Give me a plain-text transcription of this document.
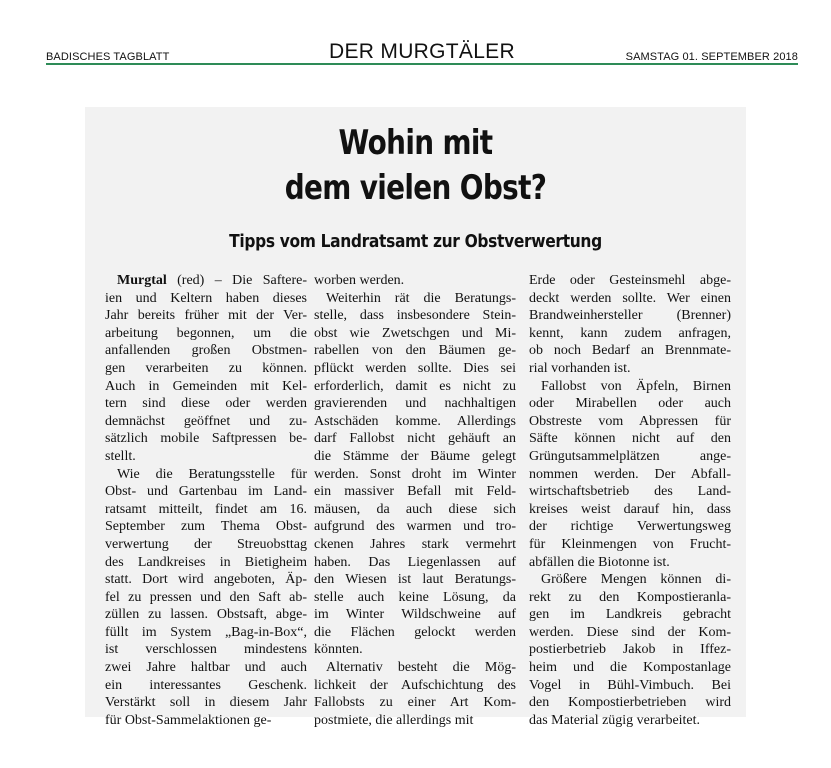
BADISCHES TAGBLATT	DER MURGTÄLER	SAMSTAG 01. SEPTEMBER 2018
Wohin mit
dem vielen Obst?
Tipps vom Landratsamt zur Obstverwertung
Murgtal (red) – Die Saftere-
ien und Keltern haben dieses
Jahr bereits früher mit der Ver-
arbeitung begonnen, um die
anfallenden großen Obstmen-
gen verarbeiten zu können.
Auch in Gemeinden mit Kel-
tern sind diese oder werden
demnächst geöffnet und zu-
sätzlich mobile Saftpressen be-
stellt.
Wie die Beratungsstelle für
Obst- und Gartenbau im Land-
ratsamt mitteilt, findet am 16.
September zum Thema Obst-
verwertung der Streuobsttag
des Landkreises in Bietigheim
statt. Dort wird angeboten, Äp-
fel zu pressen und den Saft ab-
züllen zu lassen. Obstsaft, abge-
füllt im System „Bag-in-Box“,
ist verschlossen mindestens
zwei Jahre haltbar und auch
ein interessantes Geschenk.
Verstärkt soll in diesem Jahr
für Obst-Sammelaktionen ge-
worben werden.
Weiterhin rät die Beratungs-
stelle, dass insbesondere Stein-
obst wie Zwetschgen und Mi-
rabellen von den Bäumen ge-
pflückt werden sollte. Dies sei
erforderlich, damit es nicht zu
gravierenden und nachhaltigen
Astschäden komme. Allerdings
darf Fallobst nicht gehäuft an
die Stämme der Bäume gelegt
werden. Sonst droht im Winter
ein massiver Befall mit Feld-
mäusen, da auch diese sich
aufgrund des warmen und tro-
ckenen Jahres stark vermehrt
haben. Das Liegenlassen auf
den Wiesen ist laut Beratungs-
stelle auch keine Lösung, da
im Winter Wildschweine auf
die Flächen gelockt werden
könnten.
Alternativ besteht die Mög-
lichkeit der Aufschichtung des
Fallobsts zu einer Art Kom-
postmiete, die allerdings mit
Erde oder Gesteinsmehl abge-
deckt werden sollte. Wer einen
Brandweinhersteller (Brenner)
kennt, kann zudem anfragen,
ob noch Bedarf an Brennmate-
rial vorhanden ist.
Fallobst von Äpfeln, Birnen
oder Mirabellen oder auch
Obstreste vom Abpressen für
Säfte können nicht auf den
Grüngutsammelplätzen ange-
nommen werden. Der Abfall-
wirtschaftsbetrieb des Land-
kreises weist darauf hin, dass
der richtige Verwertungsweg
für Kleinmengen von Frucht-
abfällen die Biotonne ist.
Größere Mengen können di-
rekt zu den Kompostieranla-
gen im Landkreis gebracht
werden. Diese sind der Kom-
postierbetrieb Jakob in Iffez-
heim und die Kompostanlage
Vogel in Bühl-Vimbuch. Bei
den Kompostierbetrieben wird
das Material zügig verarbeitet.
